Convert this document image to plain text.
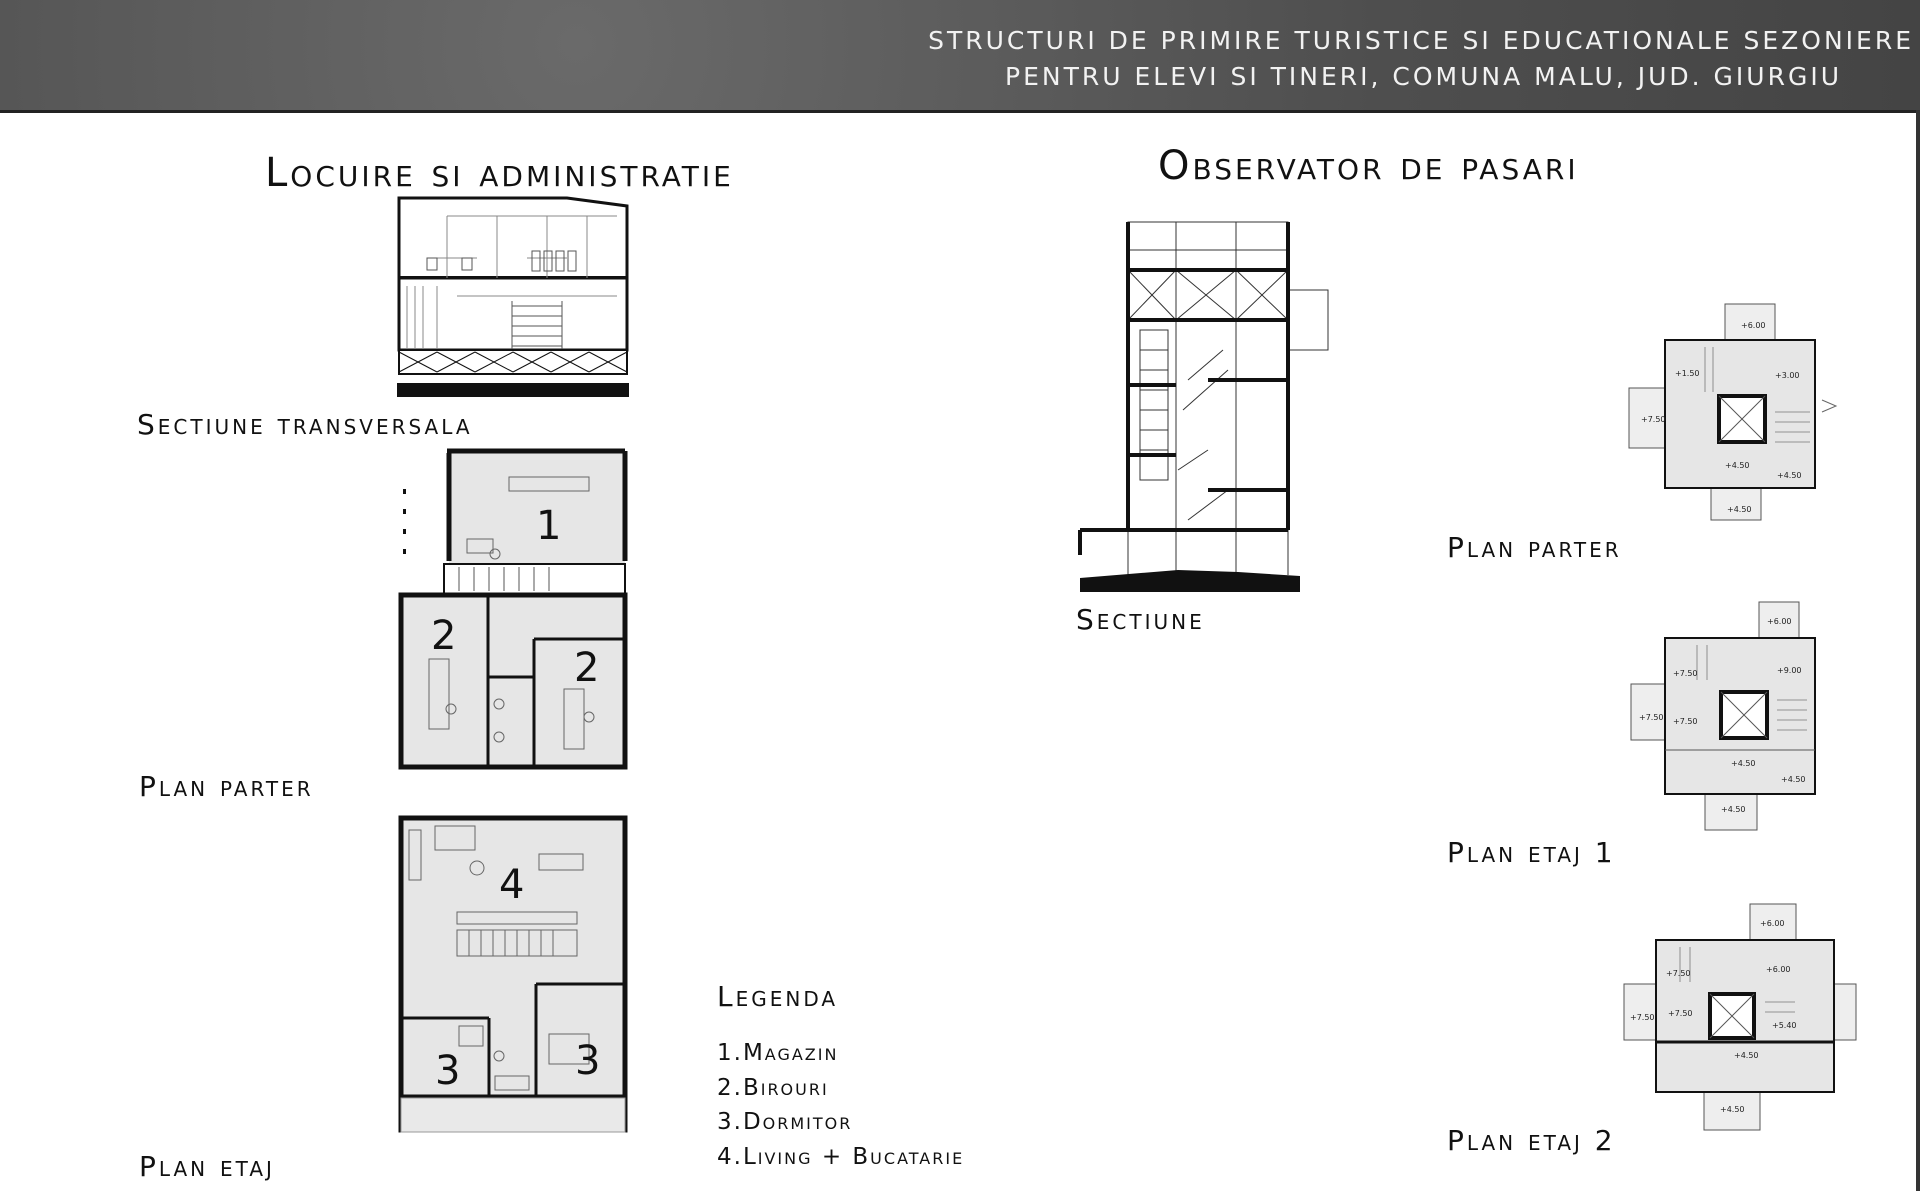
STRUCTURI DE PRIMIRE TURISTICE SI EDUCATIONALE SEZONIERE
PENTRU ELEVI SI TINERI, COMUNA MALU, JUD. GIURGIU
Locuire si administratie
Sectiune transversala
1
2
2
Plan parter
4
3	3
Plan etaj
Legenda
1.Magazin
2.Birouri
3.Dormitor
4.Living + Bucatarie
Observator de pasari
Sectiune
+6.00
+1.50	+3.00
+7.50
+4.50
+4.50
+4.50
Plan parter
+6.00
+7.50	+9.00
+7.50 +7.50
+4.50
+4.50
+4.50
Plan etaj 1
+6.00
+7.50	+6.00
+7.50 +7.50
+5.40
+4.50
+4.50
Plan etaj 2
